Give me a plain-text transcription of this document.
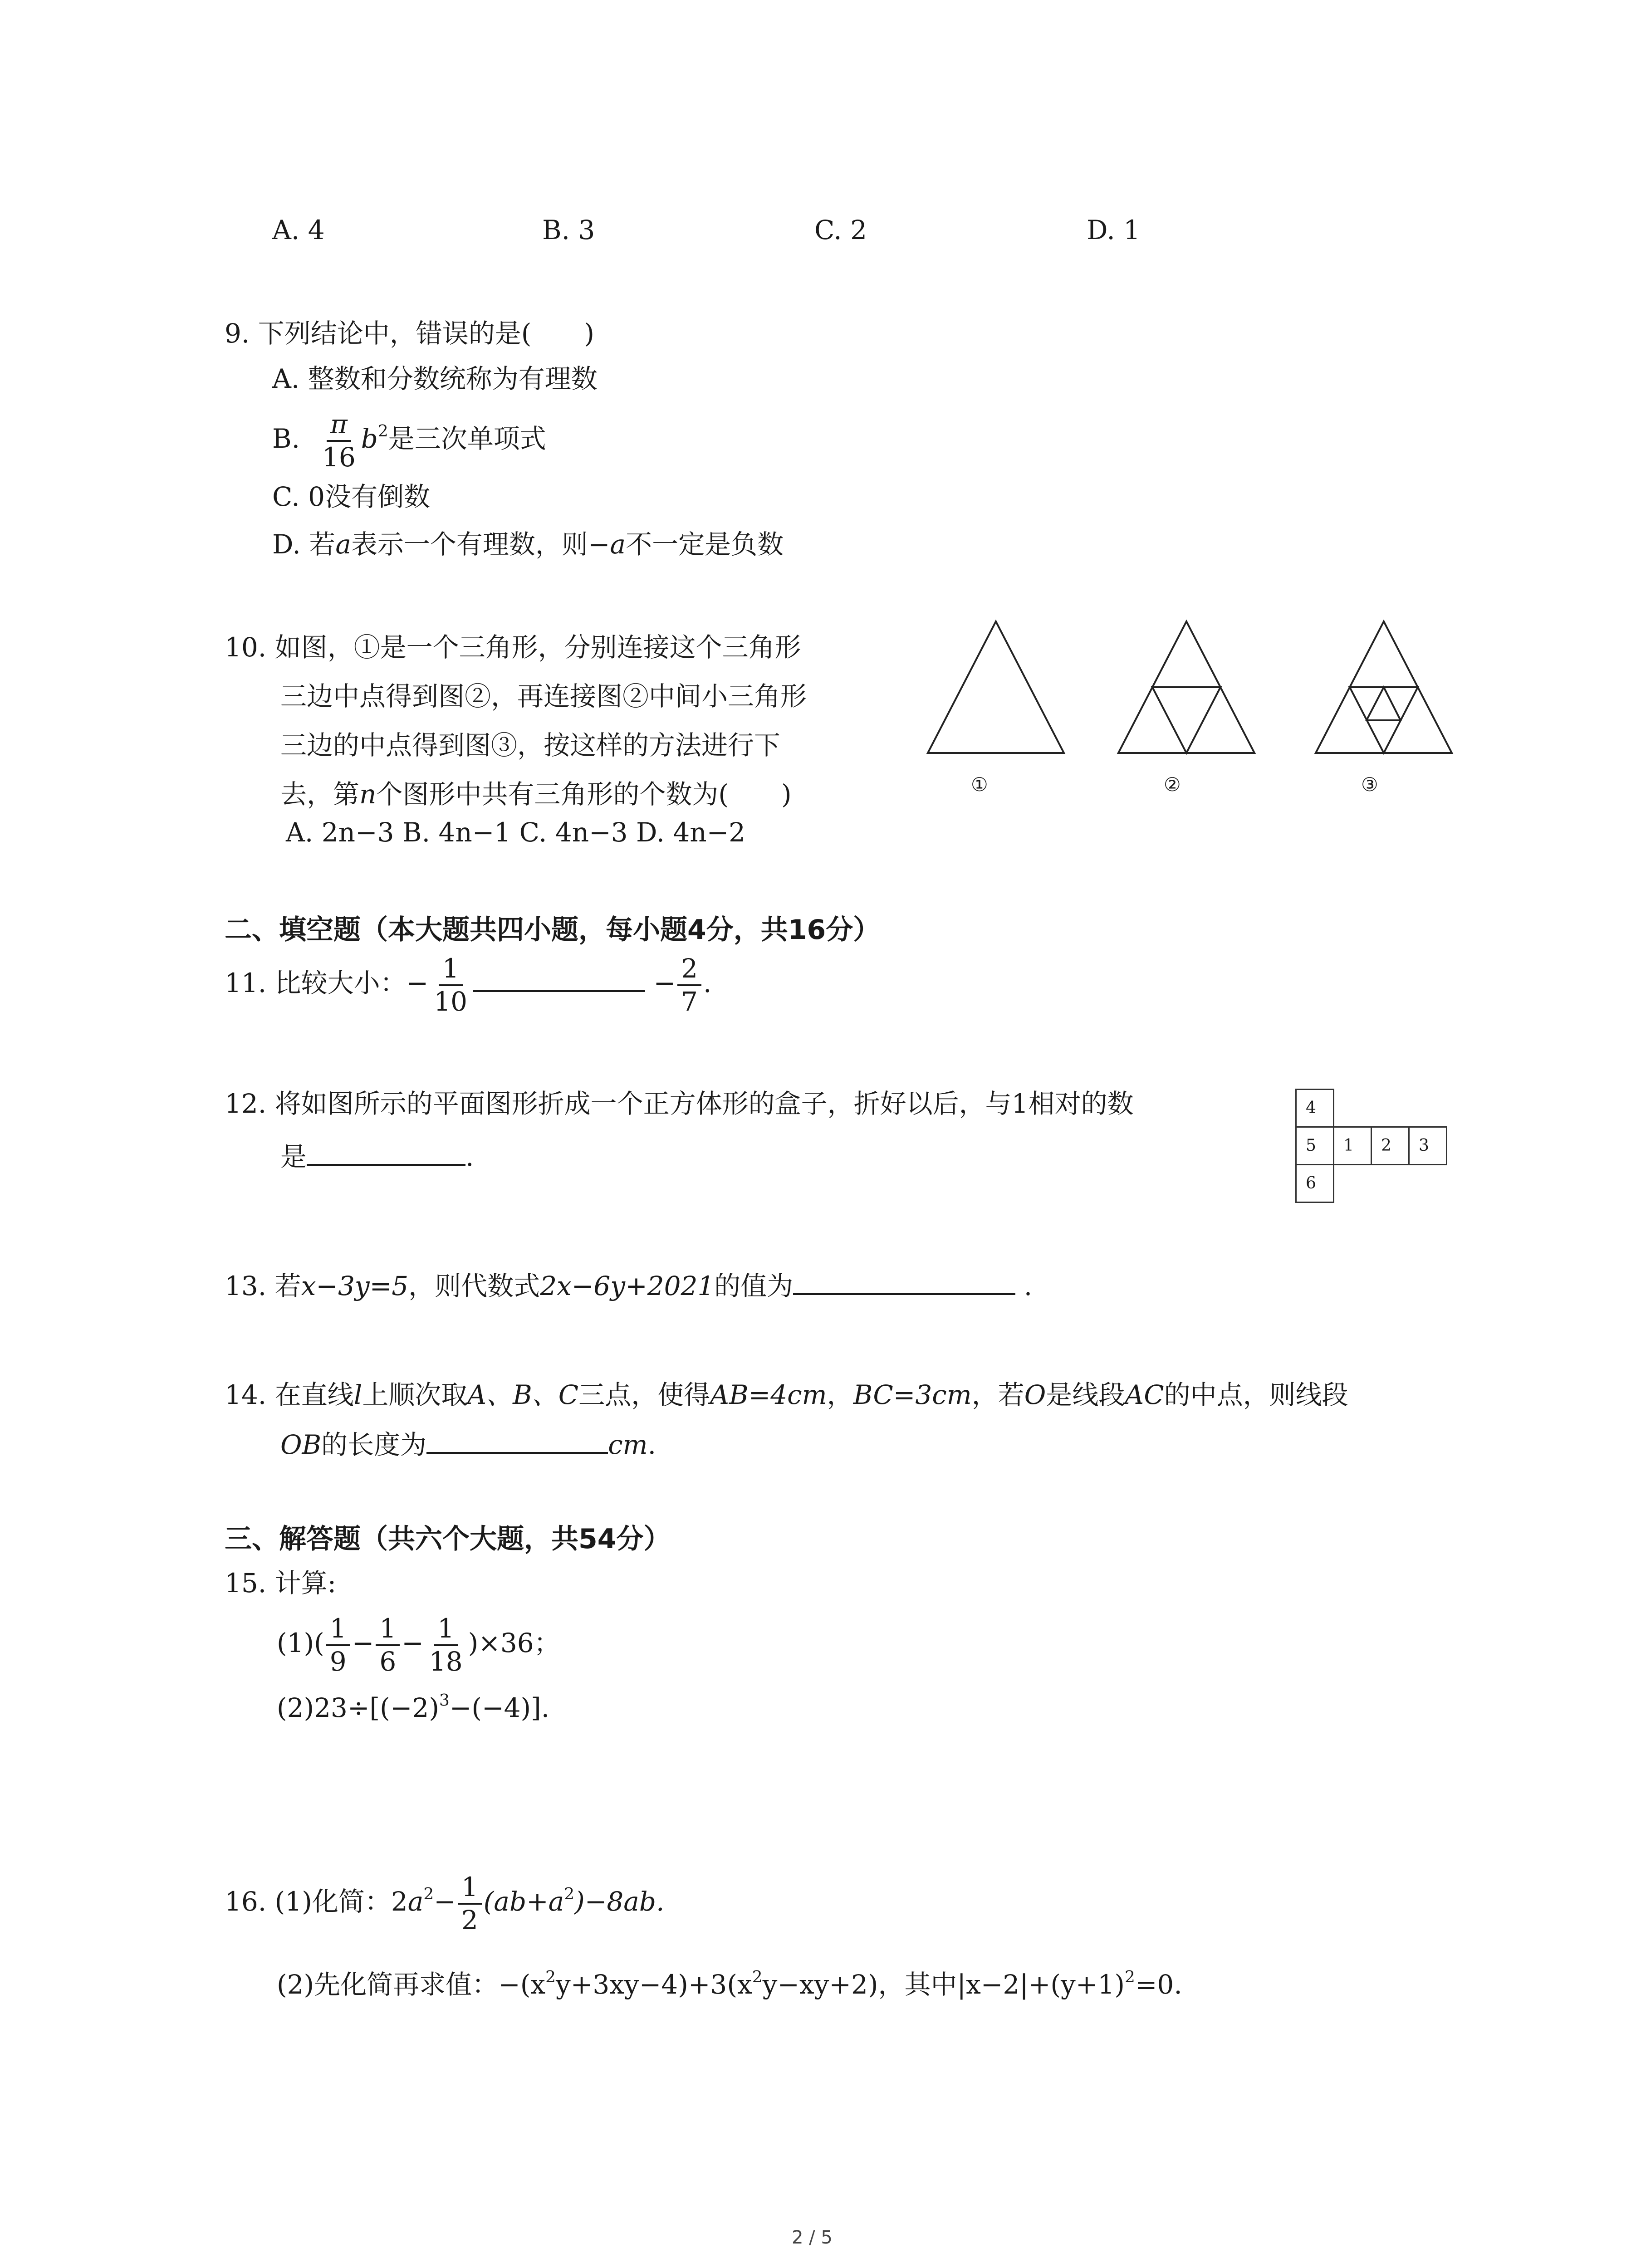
A. 4	B. 3	C. 2	D. 1
9. 下列结论中，错误的是(　　)
A. 整数和分数统称为有理数
B. $\frac{\pi}{16} b^2$是三次单项式
C. 0没有倒数
D. 若a表示一个有理数，则−a不一定是负数
10. 如图，①是一个三角形，分别连接这个三角形
三边中点得到图②，再连接图②中间小三角形
三边的中点得到图③，按这样的方法进行下
去，第n个图形中共有三角形的个数为(　　)
A. 2n−3 B. 4n−1 C. 4n−3 D. 4n−2
①	②	③
二、填空题（本大题共四小题，每小题4分，共16分）
11. 比较大小：− $\frac{1}{10}$	− $\frac{2}{7}$ .
12. 将如图所示的平面图形折成一个正方体形的盒子，折好以后，与1相对的数
是	.
4
5	1	2	3
6
13. 若x−3y=5，则代数式2x−6y+2021的值为	.
14. 在直线l上顺次取A、B、C三点，使得AB=4cm，BC=3cm，若O是线段AC的中点，则线段
OB的长度为	cm.
三、解答题（共六个大题，共54分）
15. 计算:
$(1)( \frac{1}{9} - \frac{1}{6} - \frac{1}{18} )\times 36$；
$(2)23\div[(-2)^3-(-4)]$.
16. (1)化简：$2a^2- \frac{1}{2} (ab+a^2)-8ab$.
(2)先化简再求值：$-(x^2y+3xy-4)+3(x^2y-xy+2)$，其中$|x-2|+(y+1)^2=0$.
2 / 5
